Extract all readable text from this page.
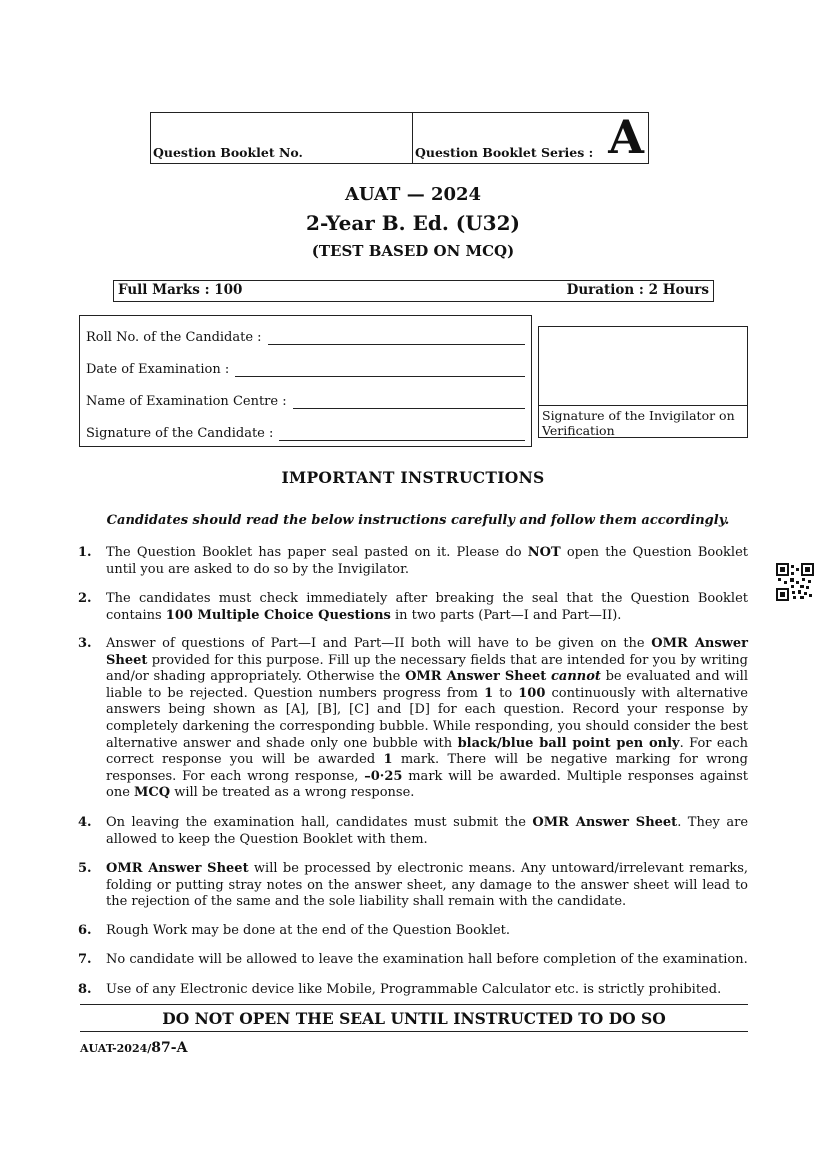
Question Booklet No.	Question Booklet Series : A
AUAT — 2024
2-Year B. Ed. (U32)
(TEST BASED ON MCQ)
Full Marks : 100	Duration : 2 Hours
Roll No. of the Candidate :
Date of Examination :
Name of Examination Centre :
Signature of the Candidate :
Signature of the Invigilator on Verification
IMPORTANT INSTRUCTIONS
Candidates should read the below instructions carefully and follow them accordingly.
1. The Question Booklet has paper seal pasted on it. Please do NOT open the Question Booklet until you are asked to do so by the Invigilator.
2. The candidates must check immediately after breaking the seal that the Question Booklet contains 100 Multiple Choice Questions in two parts (Part—I and Part—II).
3. Answer of questions of Part—I and Part—II both will have to be given on the OMR Answer Sheet provided for this purpose. Fill up the necessary fields that are intended for you by writing and/or shading appropriately. Otherwise the OMR Answer Sheet cannot be evaluated and will liable to be rejected. Question numbers progress from 1 to 100 continuously with alternative answers being shown as [A], [B], [C] and [D] for each question. Record your response by completely darkening the corresponding bubble. While responding, you should consider the best alternative answer and shade only one bubble with black/blue ball point pen only. For each correct response you will be awarded 1 mark. There will be negative marking for wrong responses. For each wrong response, –0·25 mark will be awarded. Multiple responses against one MCQ will be treated as a wrong response.
4. On leaving the examination hall, candidates must submit the OMR Answer Sheet. They are allowed to keep the Question Booklet with them.
5. OMR Answer Sheet will be processed by electronic means. Any untoward/irrelevant remarks, folding or putting stray notes on the answer sheet, any damage to the answer sheet will lead to the rejection of the same and the sole liability shall remain with the candidate.
6. Rough Work may be done at the end of the Question Booklet.
7. No candidate will be allowed to leave the examination hall before completion of the examination.
8. Use of any Electronic device like Mobile, Programmable Calculator etc. is strictly prohibited.
DO NOT OPEN THE SEAL UNTIL INSTRUCTED TO DO SO
AUAT-2024/87-A
